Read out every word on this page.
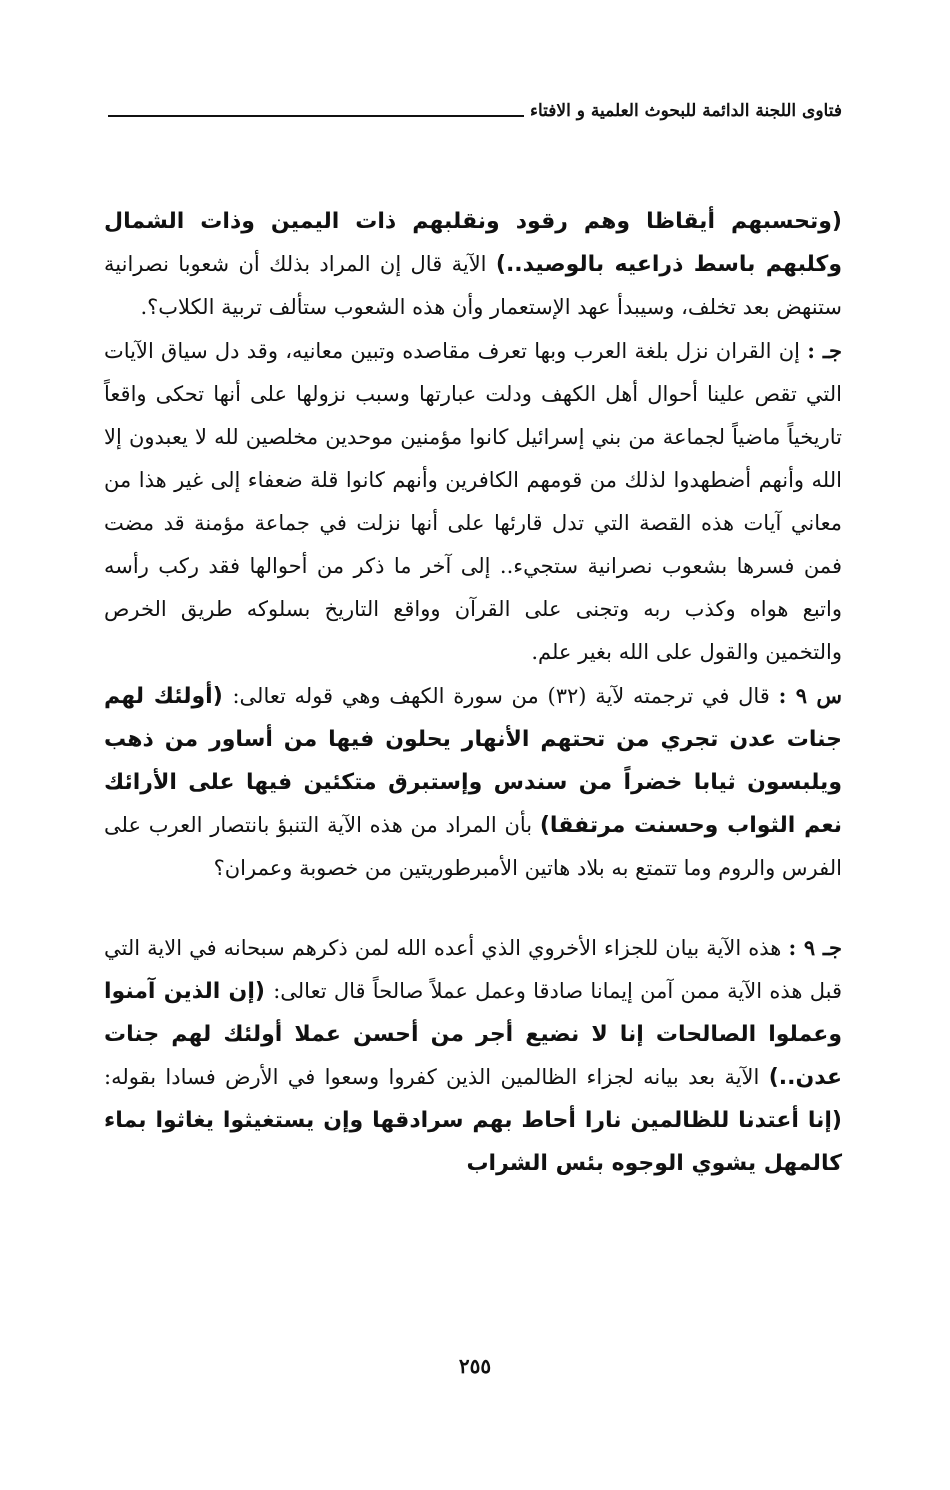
فتاوى اللجنة الدائمة للبحوث العلمية و الافتاء

(وتحسبهم أيقاظا وهم رقود ونقلبهم ذات اليمين وذات الشمال وكلبهم باسط ذراعيه بالوصيد..) الآية قال إن المراد بذلك أن شعوبا نصرانية ستنهض بعد تخلف، وسيبدأ عهد الإستعمار وأن هذه الشعوب ستألف تربية الكلاب؟.

جـ : إن القران نزل بلغة العرب وبها تعرف مقاصده وتبين معانيه، وقد دل سياق الآيات التي تقص علينا أحوال أهل الكهف ودلت عبارتها وسبب نزولها على أنها تحكى واقعاً تاريخياً ماضياً لجماعة من بني إسرائيل كانوا مؤمنين موحدين مخلصين لله لا يعبدون إلا الله وأنهم أضطهدوا لذلك من قومهم الكافرين وأنهم كانوا قلة ضعفاء إلى غير هذا من معاني آيات هذه القصة التي تدل قارئها على أنها نزلت في جماعة مؤمنة قد مضت فمن فسرها بشعوب نصرانية ستجيء.. إلى آخر ما ذكر من أحوالها فقد ركب رأسه واتبع هواه وكذب ربه وتجنى على القرآن وواقع التاريخ بسلوكه طريق الخرص والتخمين والقول على الله بغير علم.

س ٩ : قال في ترجمته لآية (٣٢) من سورة الكهف وهي قوله تعالى: (أولئك لهم جنات عدن تجري من تحتهم الأنهار يحلون فيها من أساور من ذهب ويلبسون ثيابا خضراً من سندس وإستبرق متكئين فيها على الأرائك نعم الثواب وحسنت مرتفقا) بأن المراد من هذه الآية التنبؤ بانتصار العرب على الفرس والروم وما تتمتع به بلاد هاتين الأمبرطوريتين من خصوبة وعمران؟

جـ ٩ : هذه الآية بيان للجزاء الأخروي الذي أعده الله لمن ذكرهم سبحانه في الاية التي قبل هذه الآية ممن آمن إيمانا صادقا وعمل عملاً صالحاً قال تعالى: (إن الذين آمنوا وعملوا الصالحات إنا لا نضيع أجر من أحسن عملا أولئك لهم جنات عدن..) الآية بعد بيانه لجزاء الظالمين الذين كفروا وسعوا في الأرض فسادا بقوله: (إنا أعتدنا للظالمين نارا أحاط بهم سرادقها وإن يستغيثوا يغاثوا بماء كالمهل يشوي الوجوه بئس الشراب

٢٥٥
